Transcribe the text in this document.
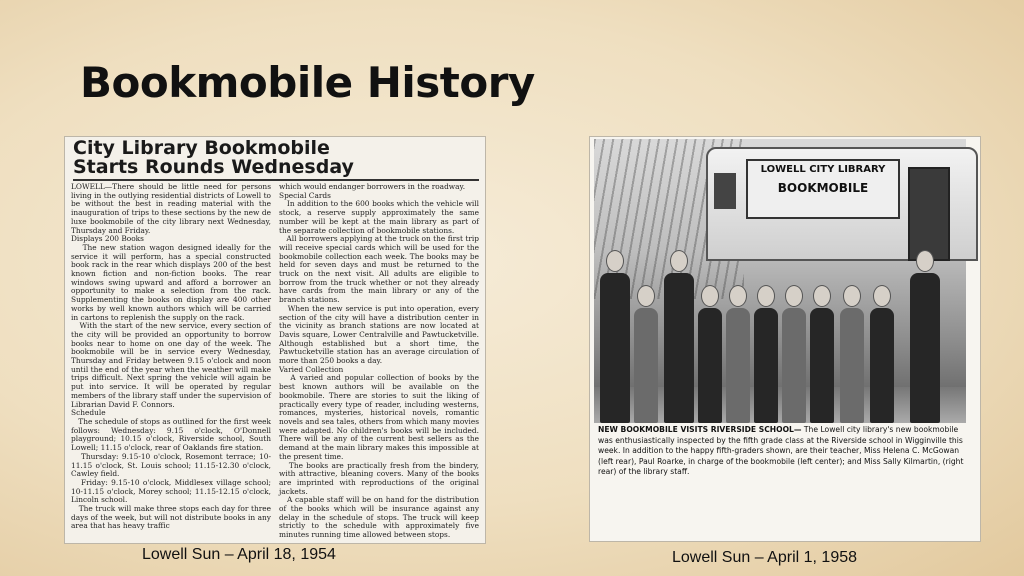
Bookmobile History
City Library Bookmobile
Starts Rounds Wednesday
LOWELL—There should be little need for persons living in the outlying residential districts of Lowell to be without the best in reading material with the inauguration of trips to these sections by the new de luxe bookmobile of the city library next Wednesday, Thursday and Friday.
Displays 200 Books
The new station wagon designed ideally for the service it will perform, has a special constructed book rack in the rear which displays 200 of the best known fiction and non-fiction books. The rear windows swing upward and afford a borrower an opportunity to make a selection from the rack. Supplementing the books on display are 400 other works by well known authors which will be carried in cartons to replenish the supply on the rack.
With the start of the new service, every section of the city will be provided an opportunity to borrow books near to home on one day of the week. The bookmobile will be in service every Wednesday, Thursday and Friday between 9.15 o'clock and noon until the end of the year when the weather will make trips difficult. Next spring the vehicle will again be put into service. It will be operated by regular members of the library staff under the supervision of Librarian David F. Connors.
Schedule
The schedule of stops as outlined for the first week follows: Wednesday: 9.15 o'clock, O'Donnell playground; 10.15 o'clock, Riverside school, South Lowell; 11.15 o'clock, rear of Oaklands fire station.
Thursday: 9.15-10 o'clock, Rosemont terrace; 10-11.15 o'clock, St. Louis school; 11.15-12.30 o'clock, Cawley field.
Friday: 9.15-10 o'clock, Middlesex village school; 10-11.15 o'clock, Morey school; 11.15-12.15 o'clock, Lincoln school.
The truck will make three stops each day for three days of the week, but will not distribute books in any area that has heavy traffic
which would endanger borrowers in the roadway.
Special Cards
In addition to the 600 books which the vehicle will stock, a reserve supply approximately the same number will be kept at the main library as part of the separate collection of bookmobile stations.
All borrowers applying at the truck on the first trip will receive special cards which will be used for the bookmobile collection each week. The books may be held for seven days and must be returned to the truck on the next visit. All adults are eligible to borrow from the truck whether or not they already have cards from the main library or any of the branch stations.
When the new service is put into operation, every section of the city will have a distribution center in the vicinity as branch stations are now located at Davis square, Lower Centralville and Pawtucketville. Although established but a short time, the Pawtucketville station has an average circulation of more than 250 books a day.
Varied Collection
A varied and popular collection of books by the best known authors will be available on the bookmobile. There are stories to suit the liking of practically every type of reader, including westerns, romances, mysteries, historical novels, romantic novels and sea tales, others from which many movies were adapted. No children's books will be included. There will be any of the current best sellers as the demand at the main library makes this impossible at the present time.
The books are practically fresh from the bindery, with attractive, bleaning covers. Many of the books are imprinted with reproductions of the original jackets.
A capable staff will be on hand for the distribution of the books which will be insurance against any delay in the schedule of stops. The truck will keep strictly to the schedule with approximately five minutes running time allowed between stops.
LOWELL CITY LIBRARY
BOOKMOBILE
NEW BOOKMOBILE VISITS RIVERSIDE SCHOOL— The Lowell city library's new bookmobile was enthusiastically inspected by the fifth grade class at the Riverside school in Wigginville this week. In addition to the happy fifth-graders shown, are their teacher, Miss Helena C. McGowan (left rear), Paul Roarke, in charge of the bookmobile (left center); and Miss Sally Kilmartin, (right rear) of the library staff.
Lowell Sun – April 18, 1954	Lowell Sun – April 1, 1958
